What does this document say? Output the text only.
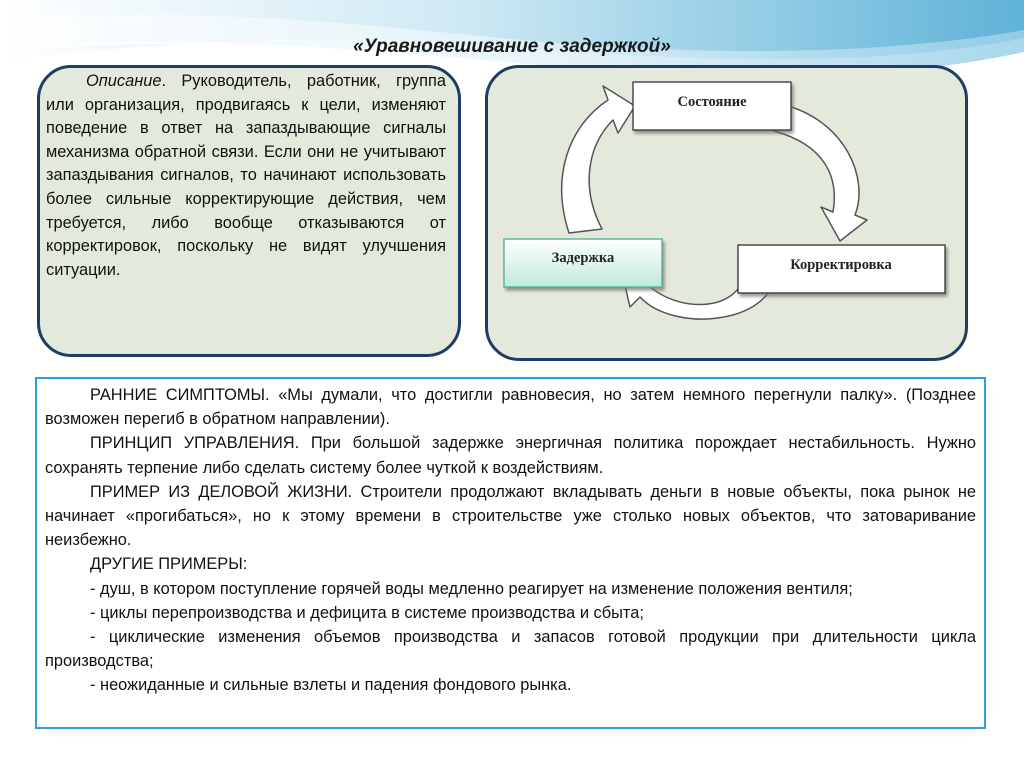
«Уравновешивание с задержкой»

Описание. Руководитель, работник, группа или организация, продвигаясь к цели, изменяют поведение в ответ на запаздывающие сигналы механизма обратной связи. Если они не учитывают запаздывания сигналов, то начинают использовать более сильные корректирующие действия, чем требуется, либо вообще отказываются от корректировок, поскольку не видят улучшения ситуации.

Состояние
Корректировка
Задержка

РАННИЕ СИМПТОМЫ. «Мы думали, что достигли равновесия, но затем немного перегнули палку». (Позднее возможен перегиб в обратном направлении).

ПРИНЦИП УПРАВЛЕНИЯ. При большой задержке энергичная политика порождает нестабильность. Нужно сохранять терпение либо сделать систему более чуткой к воздействиям.

ПРИМЕР ИЗ ДЕЛОВОЙ ЖИЗНИ. Строители продолжают вкладывать деньги в новые объекты, пока рынок не начинает «прогибаться», но к этому времени в строительстве уже столько новых объектов, что затоваривание неизбежно.

ДРУГИЕ ПРИМЕРЫ:

- душ, в котором поступление горячей воды медленно реагирует на изменение положения вентиля;

- циклы перепроизводства и дефицита в системе производства и сбыта;

- циклические изменения объемов производства и запасов готовой продукции при длительности цикла производства;

- неожиданные и сильные взлеты и падения фондового рынка.
